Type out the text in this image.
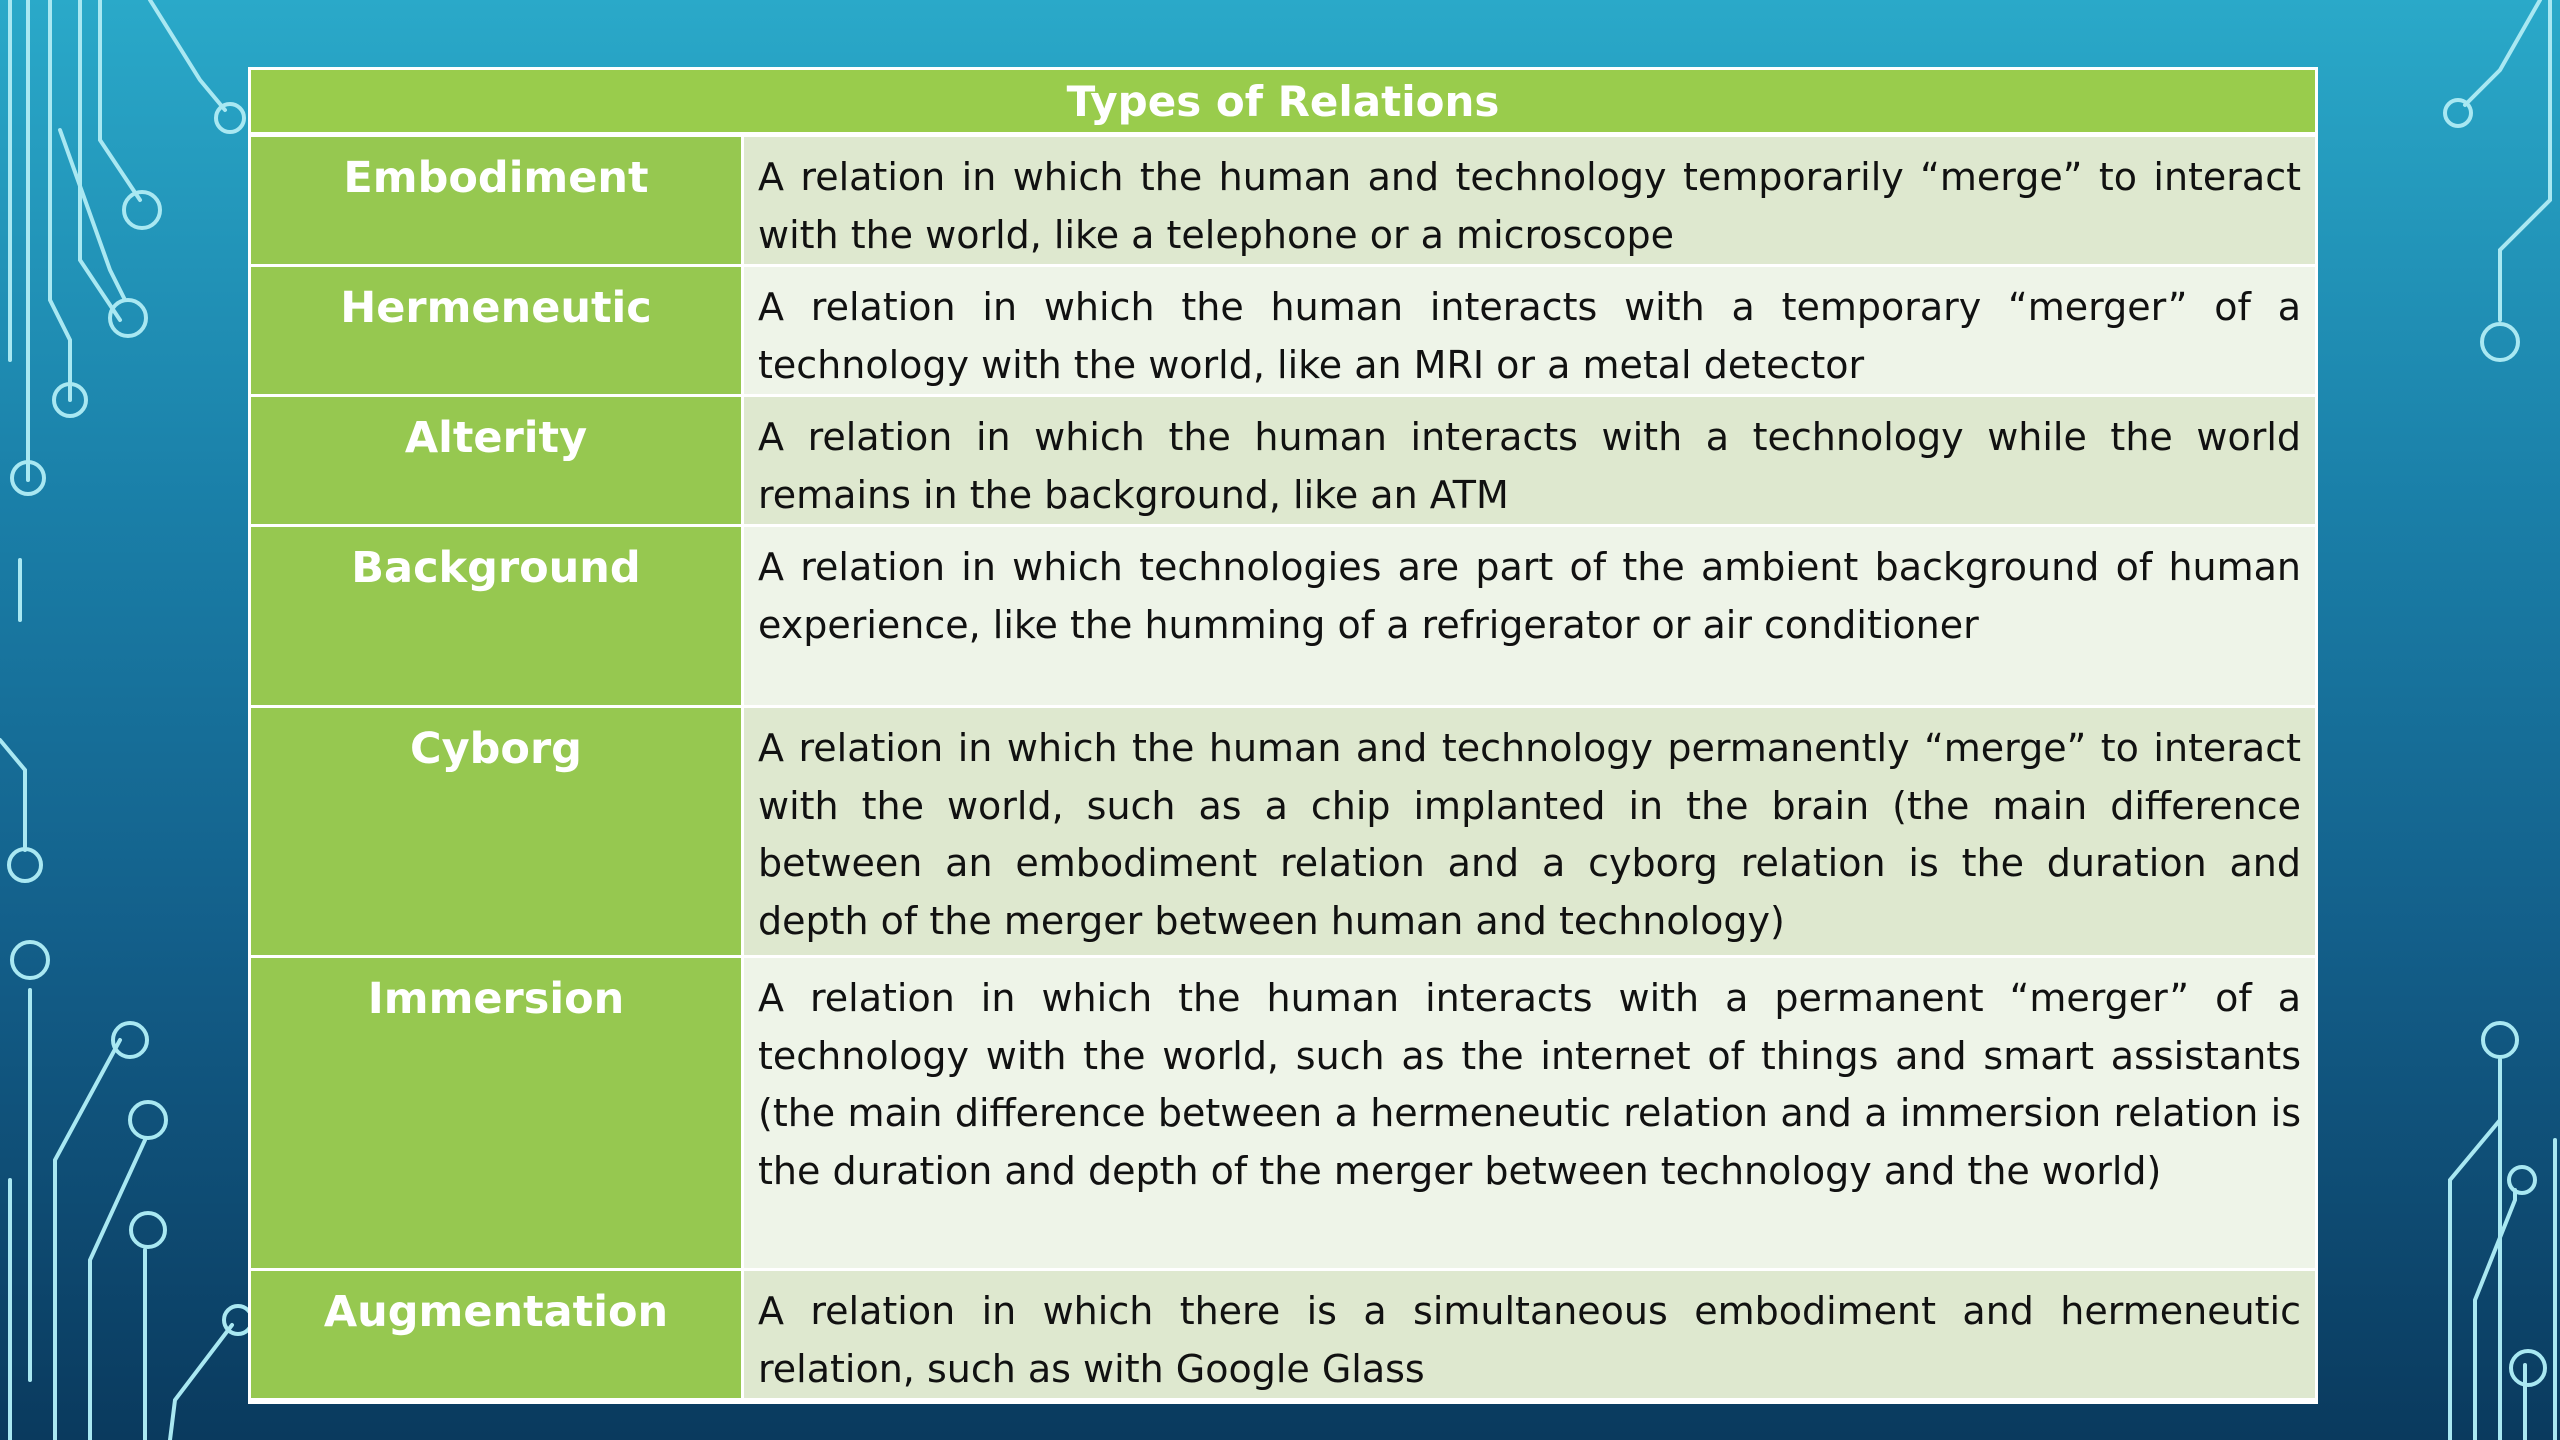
Types of Relations	
Embodiment	A relation in which the human and technology temporarily “merge” to interact with the world, like a telephone or a microscope
Hermeneutic	A relation in which the human interacts with a temporary “merger” of a technology with the world, like an MRI or a metal detector
Alterity	A relation in which the human interacts with a technology while the world remains in the background, like an ATM
Background	A relation in which technologies are part of the ambient background of human experience, like the humming of a refrigerator or air conditioner
Cyborg	A relation in which the human and technology permanently “merge” to interact with the world, such as a chip implanted in the brain (the main difference between an embodiment relation and a cyborg relation is the duration and depth of the merger between human and technology)
Immersion	A relation in which the human interacts with a permanent “merger” of a technology with the world, such as the internet of things and smart assistants (the main difference between a hermeneutic relation and a immersion relation is the duration and depth of the merger between technology and the world)
Augmentation	A relation in which there is a simultaneous embodiment and hermeneutic relation, such as with Google Glass
